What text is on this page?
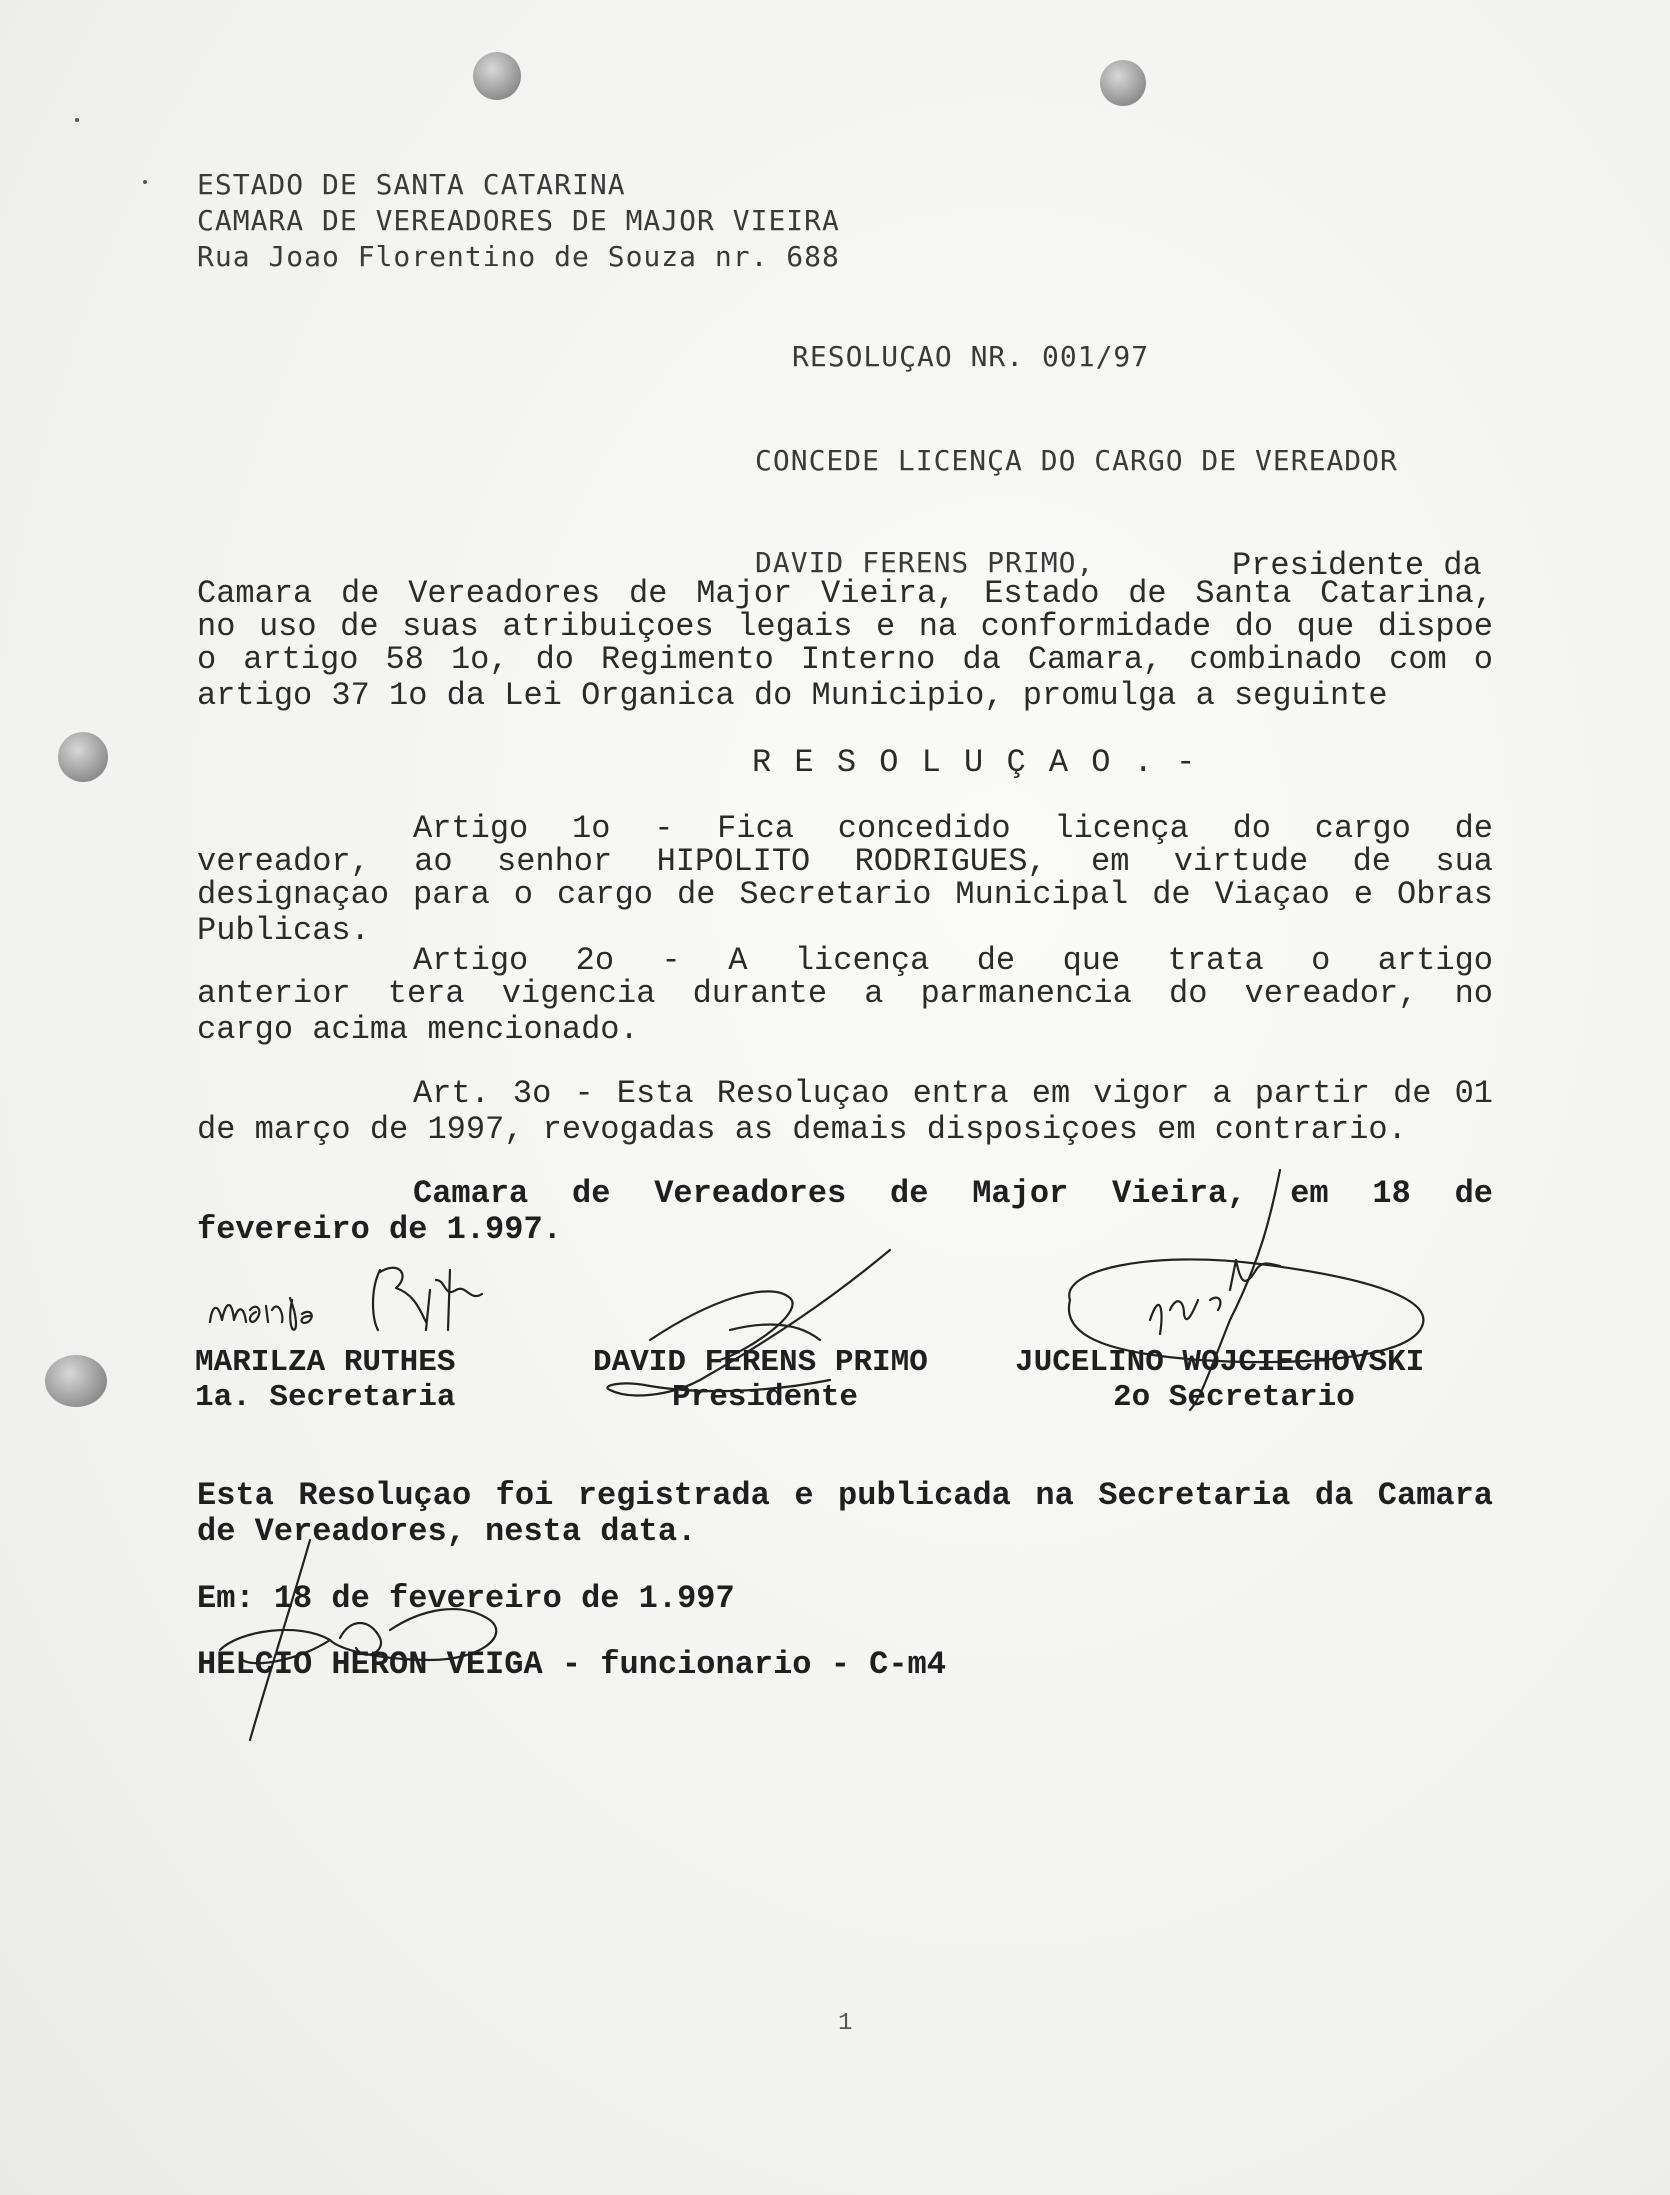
ESTADO DE SANTA CATARINA
CAMARA DE VEREADORES DE MAJOR VIEIRA
Rua Joao Florentino de Souza nr. 688
RESOLUÇAO NR. 001/97
CONCEDE LICENÇA DO CARGO DE VEREADOR
DAVID FERENS PRIMO,	Presidente da
Camara de Vereadores de Major Vieira, Estado de Santa Catarina,
no uso de suas atribuiçoes legais e na conformidade do que dispoe
o artigo 58 1o, do Regimento Interno da Camara, combinado com o
artigo 37 1o da Lei Organica do Municipio, promulga a seguinte
R E S O L U Ç A O . -
Artigo 1o - Fica concedido licença do cargo de
vereador, ao senhor HIPOLITO RODRIGUES, em virtude de sua
designaçao para o cargo de Secretario Municipal de Viaçao e Obras
Publicas.
Artigo 2o - A licença de que trata o artigo
anterior tera vigencia durante a parmanencia do vereador, no
cargo acima mencionado.
Art. 3o - Esta Resoluçao entra em vigor a partir de 01
de março de 1997, revogadas as demais disposiçoes em contrario.
Camara de Vereadores de Major Vieira, em 18 de
fevereiro de 1.997.
MARILZA RUTHES
1a. Secretaria
DAVID FERENS PRIMO
Presidente
JUCELINO WOJCIECHOVSKI
2o Secretario
Esta Resoluçao foi registrada e publicada na Secretaria da Camara
de Vereadores, nesta data.
Em: 18 de fevereiro de 1.997
HELCIO HERON VEIGA - funcionario - C-m4
1
